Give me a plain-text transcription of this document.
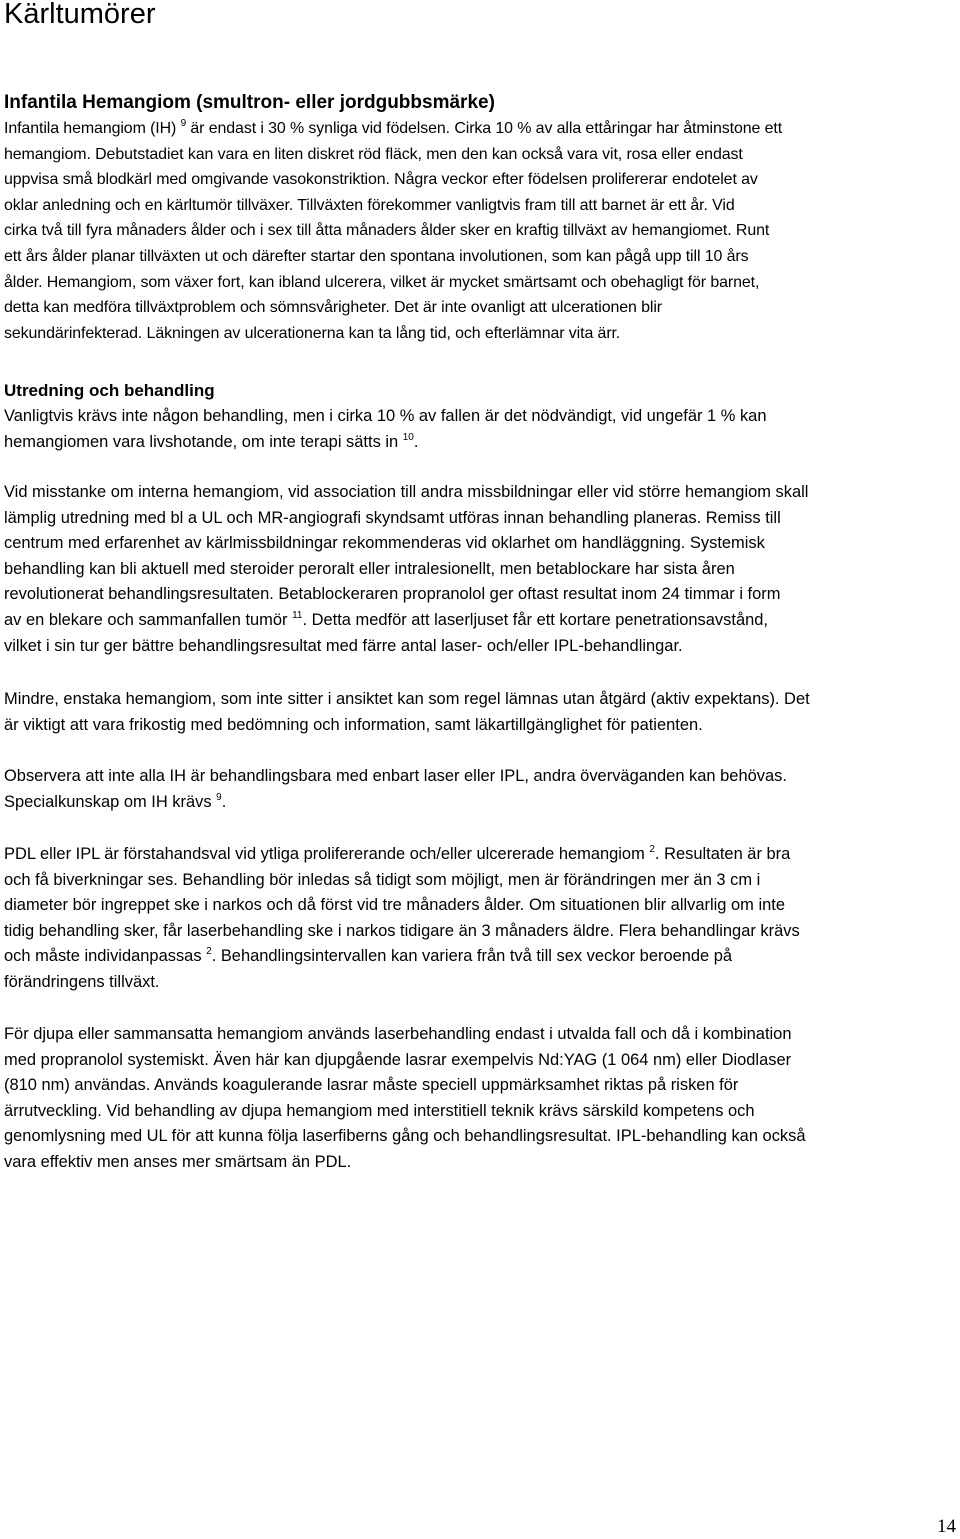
Kärltumörer
Infantila Hemangiom (smultron- eller jordgubbsmärke)

Infantila hemangiom (IH) $^9$ är endast i 30 % synliga vid födelsen. Cirka 10 % av alla ettåringar har åtminstone ett
hemangiom. Debutstadiet kan vara en liten diskret röd fläck, men den kan också vara vit, rosa eller endast
uppvisa små blodkärl med omgivande vasokonstriktion. Några veckor efter födelsen prolifererar endotelet av
oklar anledning och en kärltumör tillväxer. Tillväxten förekommer vanligtvis fram till att barnet är ett år. Vid
cirka två till fyra månaders ålder och i sex till åtta månaders ålder sker en kraftig tillväxt av hemangiomet. Runt
ett års ålder planar tillväxten ut och därefter startar den spontana involutionen, som kan pågå upp till 10 års
ålder. Hemangiom, som växer fort, kan ibland ulcerera, vilket är mycket smärtsamt och obehagligt för barnet,
detta kan medföra tillväxtproblem och sömnsvårigheter. Det är inte ovanligt att ulcerationen blir
sekundärinfekterad. Läkningen av ulcerationerna kan ta lång tid, och efterlämnar vita ärr.

Utredning och behandling

Vanligtvis krävs inte någon behandling, men i cirka 10 % av fallen är det nödvändigt, vid ungefär 1 % kan
hemangiomen vara livshotande, om inte terapi sätts in $^{10}$.

Vid misstanke om interna hemangiom, vid association till andra missbildningar eller vid större hemangiom skall
lämplig utredning med bl a UL och MR-angiografi skyndsamt utföras innan behandling planeras. Remiss till
centrum med erfarenhet av kärlmissbildningar rekommenderas vid oklarhet om handläggning. Systemisk
behandling kan bli aktuell med steroider peroralt eller intralesionellt, men betablockare har sista åren
revolutionerat behandlingsresultaten. Betablockeraren propranolol ger oftast resultat inom 24 timmar i form
av en blekare och sammanfallen tumör $^{11}$. Detta medför att laserljuset får ett kortare penetrationsavstånd,
vilket i sin tur ger bättre behandlingsresultat med färre antal laser- och/eller IPL-behandlingar.

Mindre, enstaka hemangiom, som inte sitter i ansiktet kan som regel lämnas utan åtgärd (aktiv expektans). Det
är viktigt att vara frikostig med bedömning och information, samt läkartillgänglighet för patienten.

Observera att inte alla IH är behandlingsbara med enbart laser eller IPL, andra överväganden kan behövas.
Specialkunskap om IH krävs $^9$.

PDL eller IPL är förstahandsval vid ytliga prolifererande och/eller ulcererade hemangiom $^2$. Resultaten är bra
och få biverkningar ses. Behandling bör inledas så tidigt som möjligt, men är förändringen mer än 3 cm i
diameter bör ingreppet ske i narkos och då först vid tre månaders ålder. Om situationen blir allvarlig om inte
tidig behandling sker, får laserbehandling ske i narkos tidigare än 3 månaders äldre. Flera behandlingar krävs
och måste individanpassas $^2$. Behandlingsintervallen kan variera från två till sex veckor beroende på
förändringens tillväxt.

För djupa eller sammansatta hemangiom används laserbehandling endast i utvalda fall och då i kombination
med propranolol systemiskt. Även här kan djupgående lasrar exempelvis Nd:YAG (1 064 nm) eller Diodlaser
(810 nm) användas. Används koagulerande lasrar måste speciell uppmärksamhet riktas på risken för
ärrutveckling. Vid behandling av djupa hemangiom med interstitiell teknik krävs särskild kompetens och
genomlysning med UL för att kunna följa laserfiberns gång och behandlingsresultat. IPL-behandling kan också
vara effektiv men anses mer smärtsam än PDL.

14
